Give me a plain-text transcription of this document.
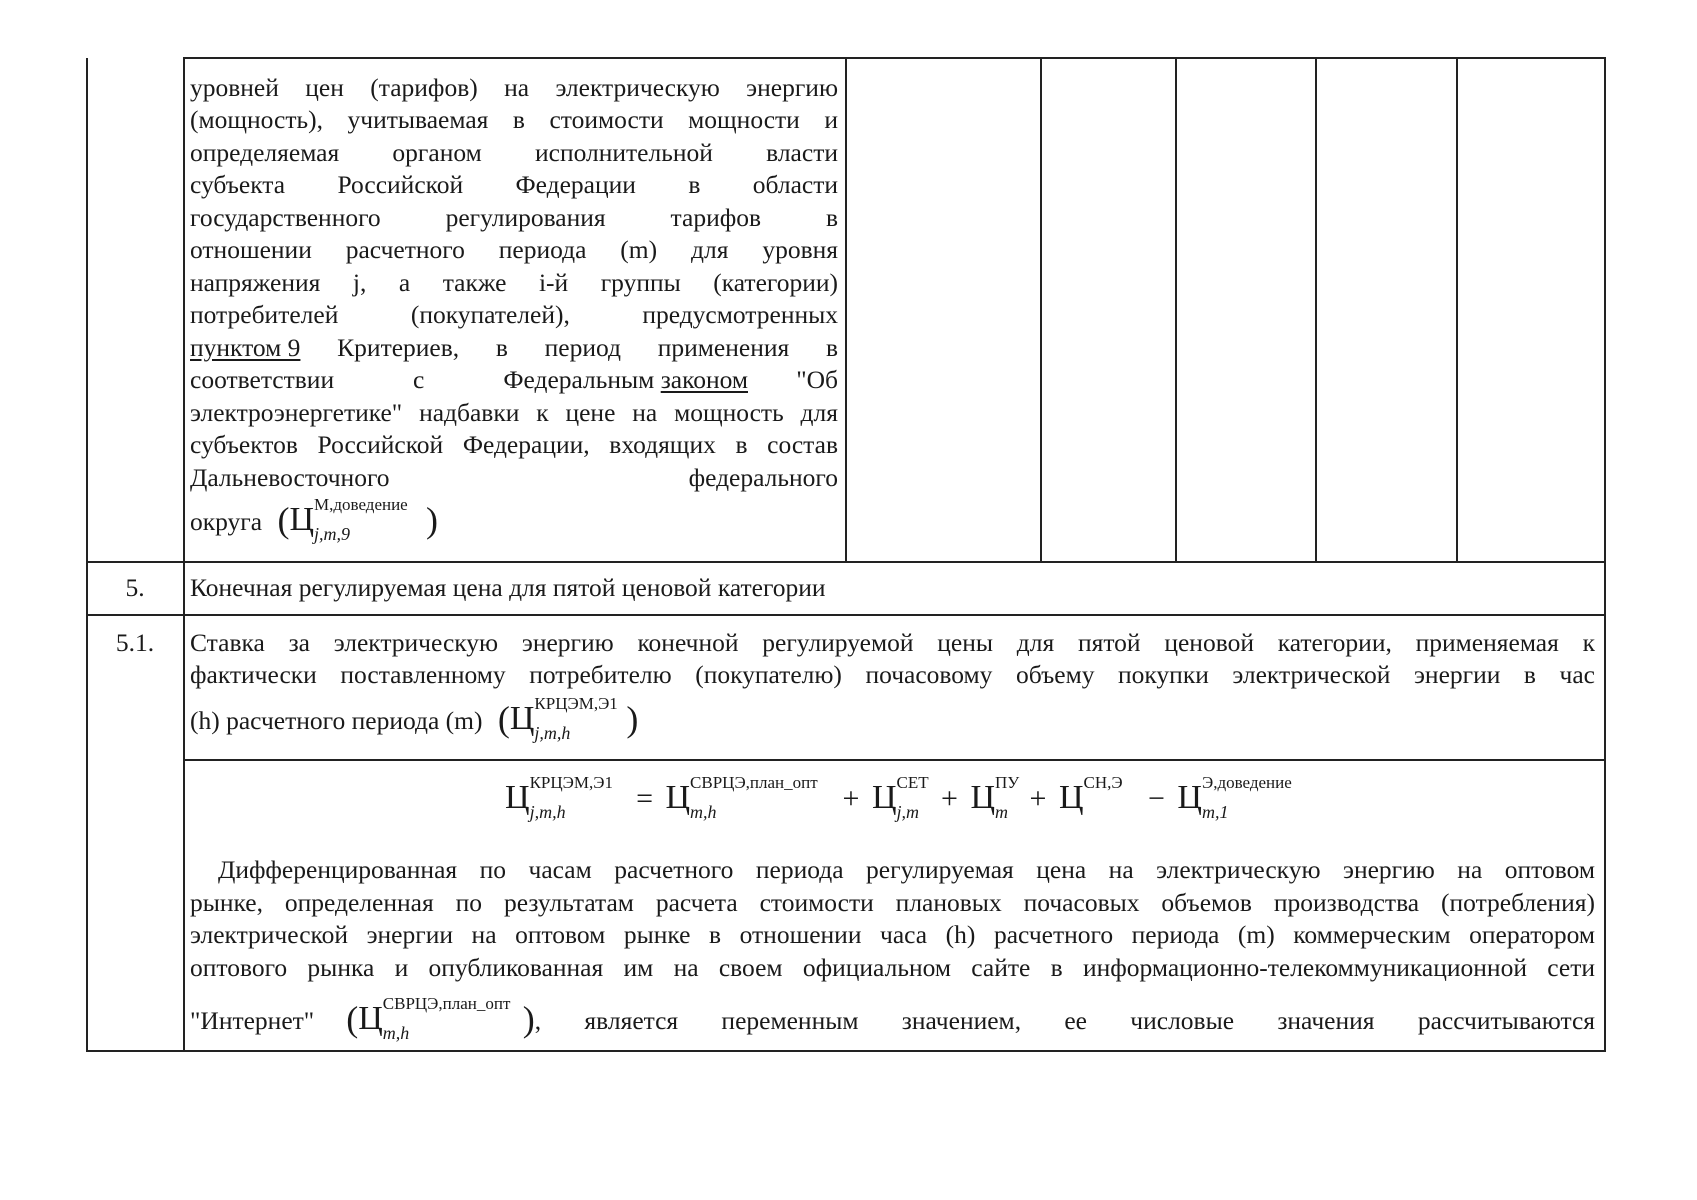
уровней цен (тарифов) на электрическую энергию
(мощность), учитываемая в стоимости мощности и
определяемая органом исполнительной власти
субъекта Российской Федерации в области
государственного регулирования тарифов в
отношении расчетного периода (m) для уровня
напряжения j, а также i-й группы (категории)
потребителей (покупателей), предусмотренных
пунктом 9 Критериев, в период применения в
соответствии с Федеральным законом	"Об
электроэнергетике" надбавки к цене на мощность для
субъектов Российской Федерации, входящих в состав
Дальневосточного федерального
округа  (Ц М,доведение
j,m,9 )
5.	Конечная регулируемая цена для пятой ценовой категории
5.1.	Ставка за электрическую энергию конечной регулируемой цены для пятой ценовой категории, применяемая к
фактически поставленному потребителю (покупателю) почасовому объему покупки электрической энергии в час
(h) расчетного периода (m)  (Ц КРЦЭМ,Э1
j,m,h )
Ц КРЦЭМ,Э1
j,m,h = Ц СВРЦЭ,план_опт
m,h	+ Ц СЕТ
j,m + Ц ПУ
m + Ц СН,Э − Ц Э,доведение
m,1
Дифференцированная по часам расчетного периода регулируемая цена на электрическую энергию на оптовом
рынке, определенная по результатам расчета стоимости плановых почасовых объемов производства (потребления)
электрической энергии на оптовом рынке в отношении часа (h) расчетного периода (m) коммерческим оператором
оптового рынка и опубликованная им на своем официальном сайте в информационно-телекоммуникационной сети
"Интернет" ( Ц СВРЦЭ,план_опт
m,h	) , является переменным значением, ее числовые значения рассчитываются
